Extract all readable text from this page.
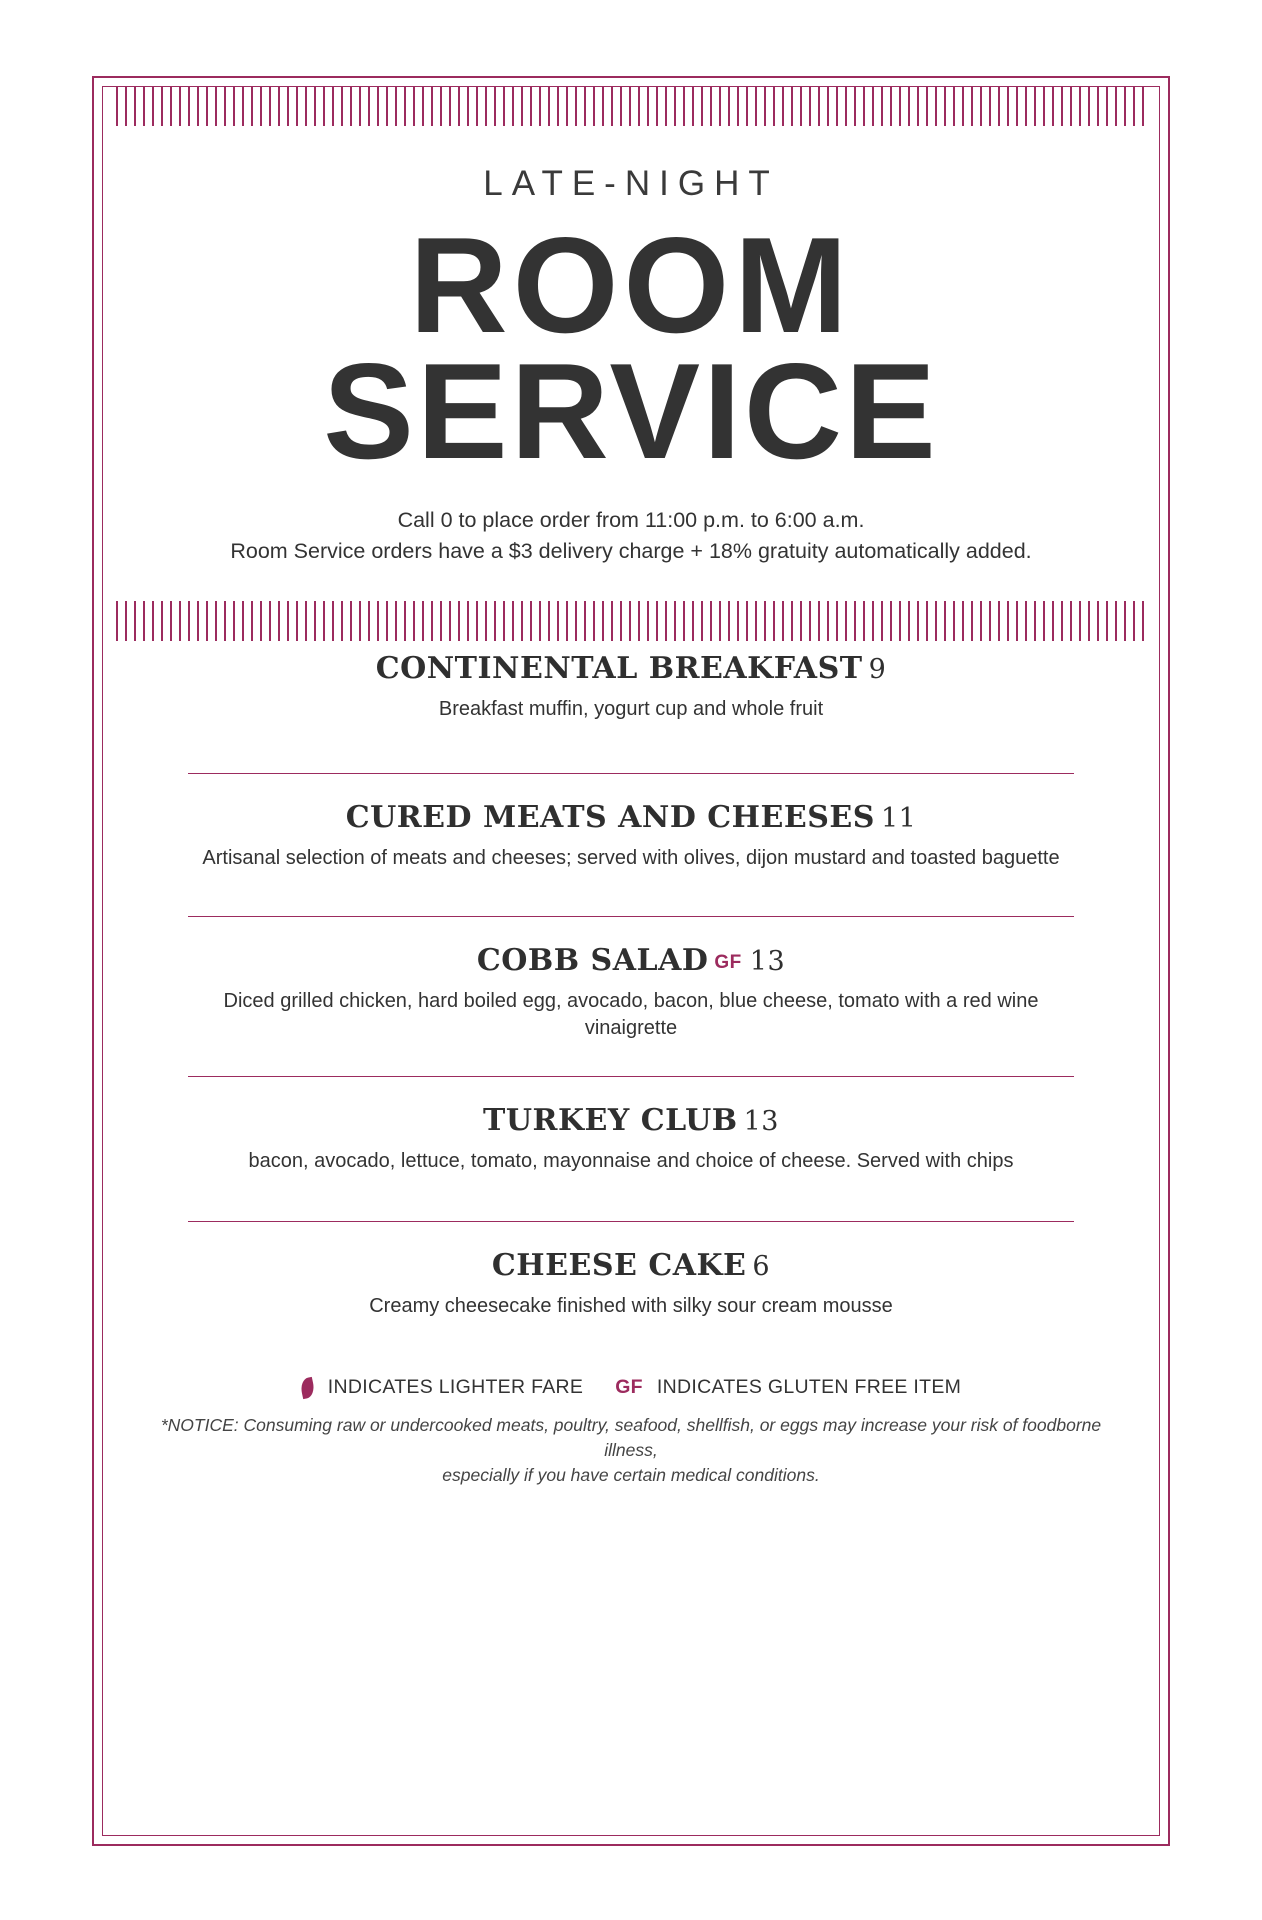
LATE-NIGHT
ROOM
SERVICE
Call 0 to place order from 11:00 p.m. to 6:00 a.m.
Room Service orders have a $3 delivery charge + 18% gratuity automatically added.
CONTINENTAL BREAKFAST 9
Breakfast muffin, yogurt cup and whole fruit
CURED MEATS AND CHEESES 11
Artisanal selection of meats and cheeses; served with olives, dijon mustard and toasted baguette
COBB SALAD GF 13
Diced grilled chicken, hard boiled egg, avocado, bacon, blue cheese, tomato with a red wine vinaigrette
TURKEY CLUB 13
bacon, avocado, lettuce, tomato, mayonnaise and choice of cheese. Served with chips
CHEESE CAKE 6
Creamy cheesecake finished with silky sour cream mousse
INDICATES LIGHTER FARE GF INDICATES GLUTEN FREE ITEM
*NOTICE: Consuming raw or undercooked meats, poultry, seafood, shellfish, or eggs may increase your risk of foodborne illness,
especially if you have certain medical conditions.
